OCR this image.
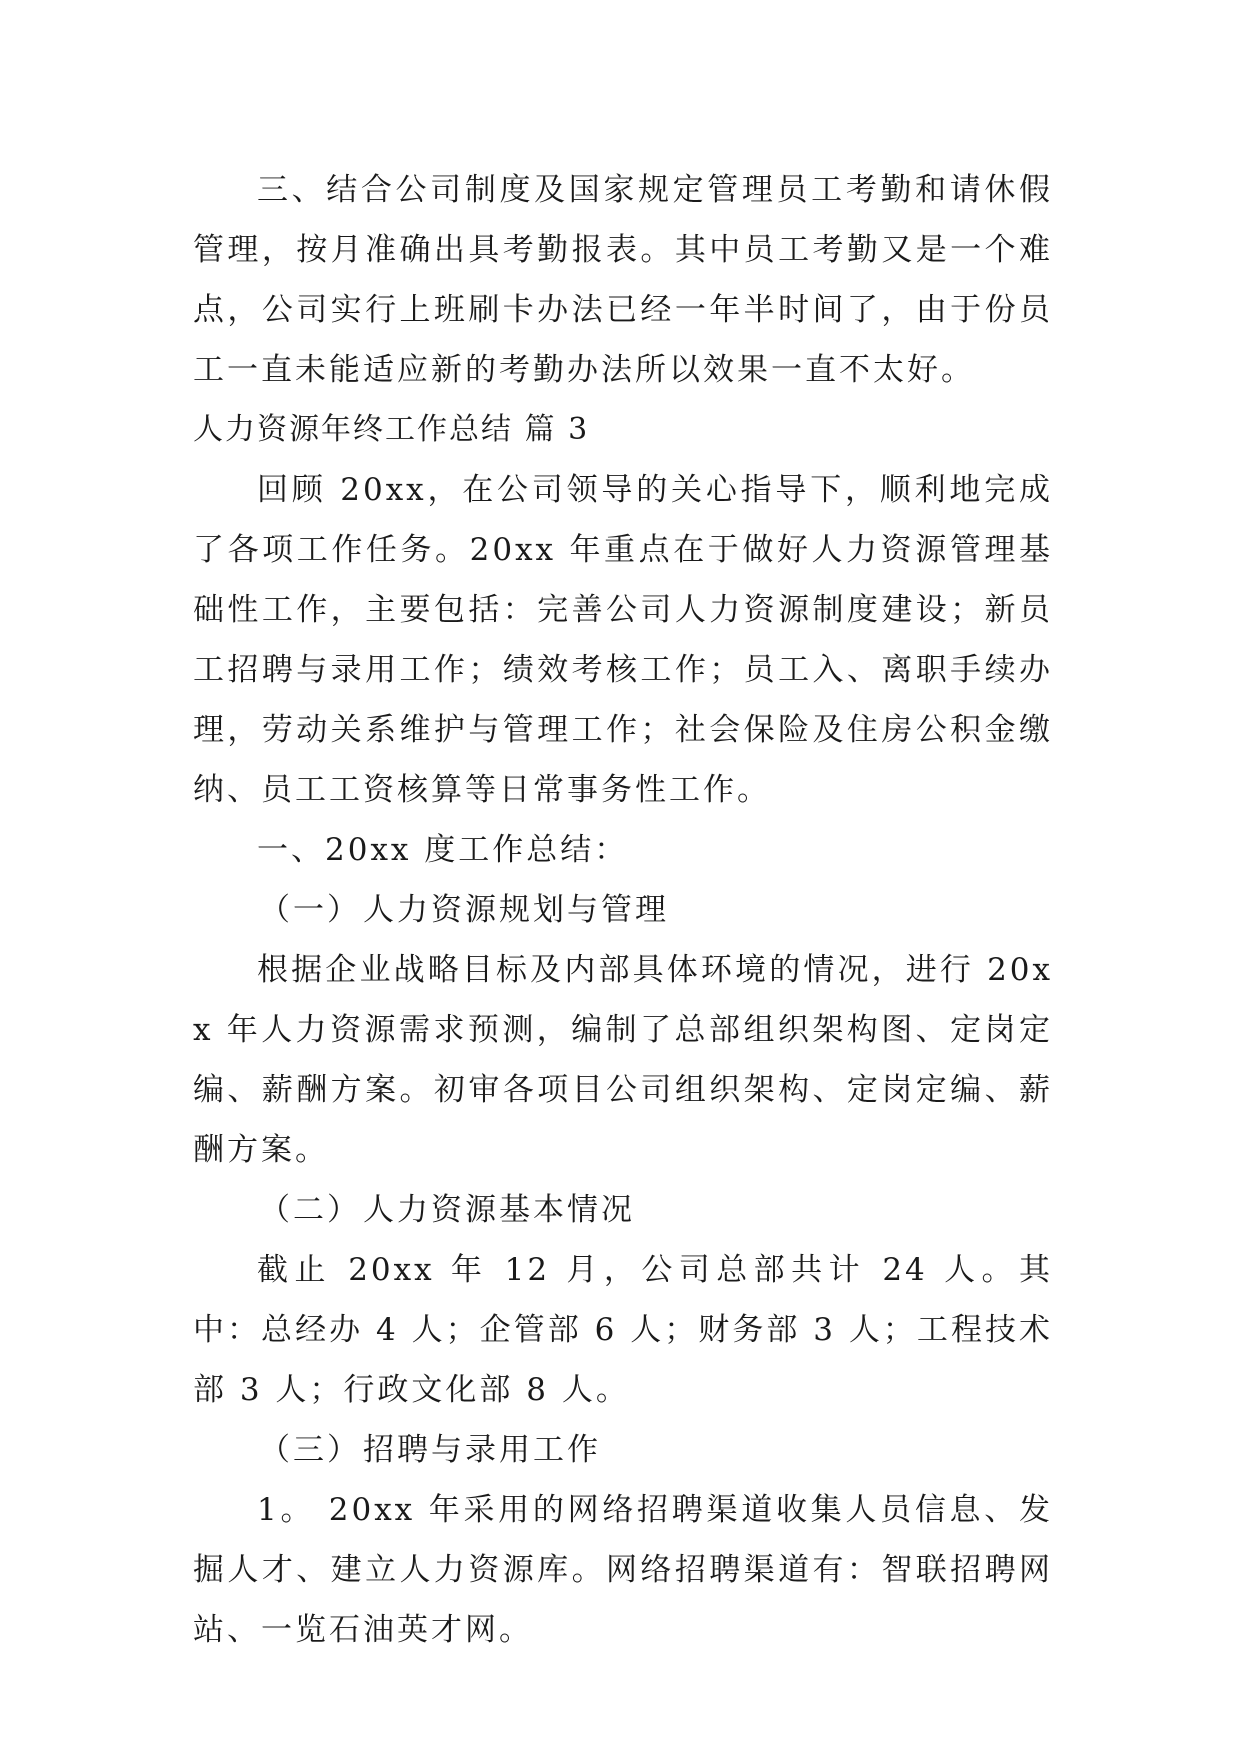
三、结合公司制度及国家规定管理员工考勤和请休假管理，按月准确出具考勤报表。其中员工考勤又是一个难点，公司实行上班刷卡办法已经一年半时间了，由于份员工一直未能适应新的考勤办法所以效果一直不太好。

人力资源年终工作总结 篇 3

回顾 20xx，在公司领导的关心指导下，顺利地完成了各项工作任务。20xx 年重点在于做好人力资源管理基础性工作，主要包括：完善公司人力资源制度建设；新员工招聘与录用工作；绩效考核工作；员工入、离职手续办理，劳动关系维护与管理工作；社会保险及住房公积金缴纳、员工工资核算等日常事务性工作。

一、20xx 度工作总结：

（一）人力资源规划与管理

根据企业战略目标及内部具体环境的情况，进行 20xx 年人力资源需求预测，编制了总部组织架构图、定岗定编、薪酬方案。初审各项目公司组织架构、定岗定编、薪酬方案。

（二）人力资源基本情况

截止 20xx 年 12 月，公司总部共计 24 人。其中：总经办 4 人；企管部 6 人；财务部 3 人；工程技术部 3 人；行政文化部 8 人。

（三）招聘与录用工作

1。 20xx 年采用的网络招聘渠道收集人员信息、发掘人才、建立人力资源库。网络招聘渠道有：智联招聘网站、一览石油英才网。
